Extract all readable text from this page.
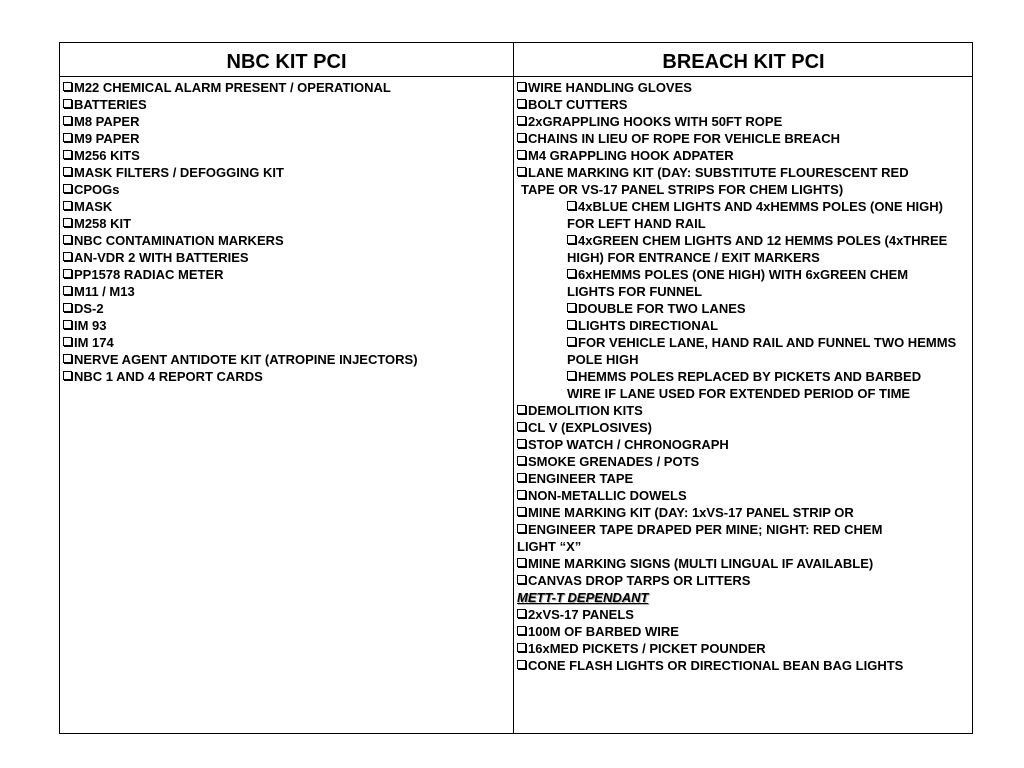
NBC KIT PCI	BREACH KIT PCI
M22 CHEMICAL ALARM PRESENT / OPERATIONAL
BATTERIES
M8 PAPER
M9 PAPER
M256 KITS
MASK FILTERS / DEFOGGING KIT
CPOGs
MASK
M258 KIT
NBC CONTAMINATION MARKERS
AN-VDR 2 WITH BATTERIES
PP1578 RADIAC METER
M11 / M13
DS-2
IM 93
IM 174
NERVE AGENT ANTIDOTE KIT (ATROPINE INJECTORS)
NBC 1 AND 4 REPORT CARDS
WIRE HANDLING GLOVES
BOLT CUTTERS
2xGRAPPLING HOOKS WITH 50FT ROPE
CHAINS IN LIEU OF ROPE FOR VEHICLE BREACH
M4 GRAPPLING HOOK ADPATER
LANE MARKING KIT (DAY: SUBSTITUTE FLOURESCENT RED
TAPE OR VS-17 PANEL STRIPS FOR CHEM LIGHTS)
4xBLUE CHEM LIGHTS AND 4xHEMMS POLES (ONE HIGH) FOR LEFT HAND RAIL
4xGREEN CHEM LIGHTS AND 12 HEMMS POLES (4xTHREE HIGH) FOR ENTRANCE / EXIT MARKERS
6xHEMMS POLES (ONE HIGH) WITH 6xGREEN CHEM LIGHTS FOR FUNNEL
DOUBLE FOR TWO LANES
LIGHTS DIRECTIONAL
FOR VEHICLE LANE, HAND RAIL AND FUNNEL TWO HEMMS POLE HIGH
HEMMS POLES REPLACED BY PICKETS AND BARBED WIRE IF LANE USED FOR EXTENDED PERIOD OF TIME
DEMOLITION KITS
CL V (EXPLOSIVES)
STOP WATCH / CHRONOGRAPH
SMOKE GRENADES / POTS
ENGINEER TAPE
NON-METALLIC DOWELS
MINE MARKING KIT (DAY: 1xVS-17 PANEL STRIP OR
ENGINEER TAPE DRAPED PER MINE; NIGHT: RED CHEM
LIGHT “X”
MINE MARKING SIGNS (MULTI LINGUAL IF AVAILABLE)
CANVAS DROP TARPS OR LITTERS
METT-T DEPENDANT
2xVS-17 PANELS
100M OF BARBED WIRE
16xMED PICKETS / PICKET POUNDER
CONE FLASH LIGHTS OR DIRECTIONAL BEAN BAG LIGHTS
